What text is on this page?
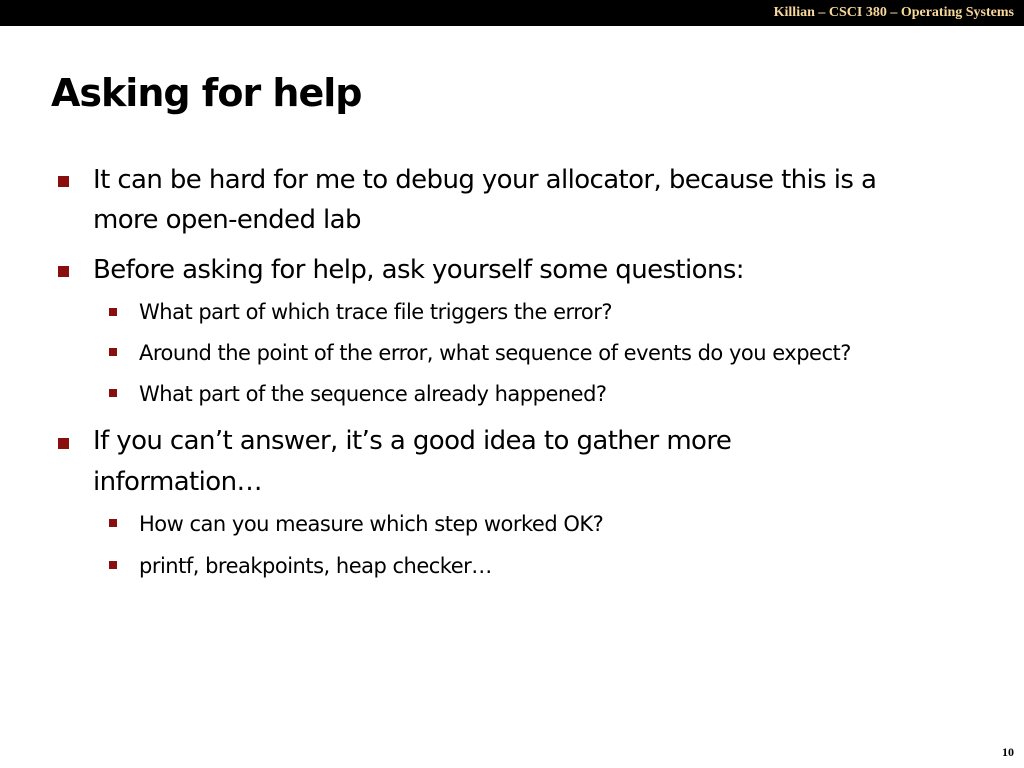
Killian – CSCI 380 – Operating Systems
Asking for help
It can be hard for me to debug your allocator, because this is a
more open-ended lab
Before asking for help, ask yourself some questions:
What part of which trace file triggers the error?
Around the point of the error, what sequence of events do you expect?
What part of the sequence already happened?
If you can’t answer, it’s a good idea to gather more
information…
How can you measure which step worked OK?
printf, breakpoints, heap checker…
10
